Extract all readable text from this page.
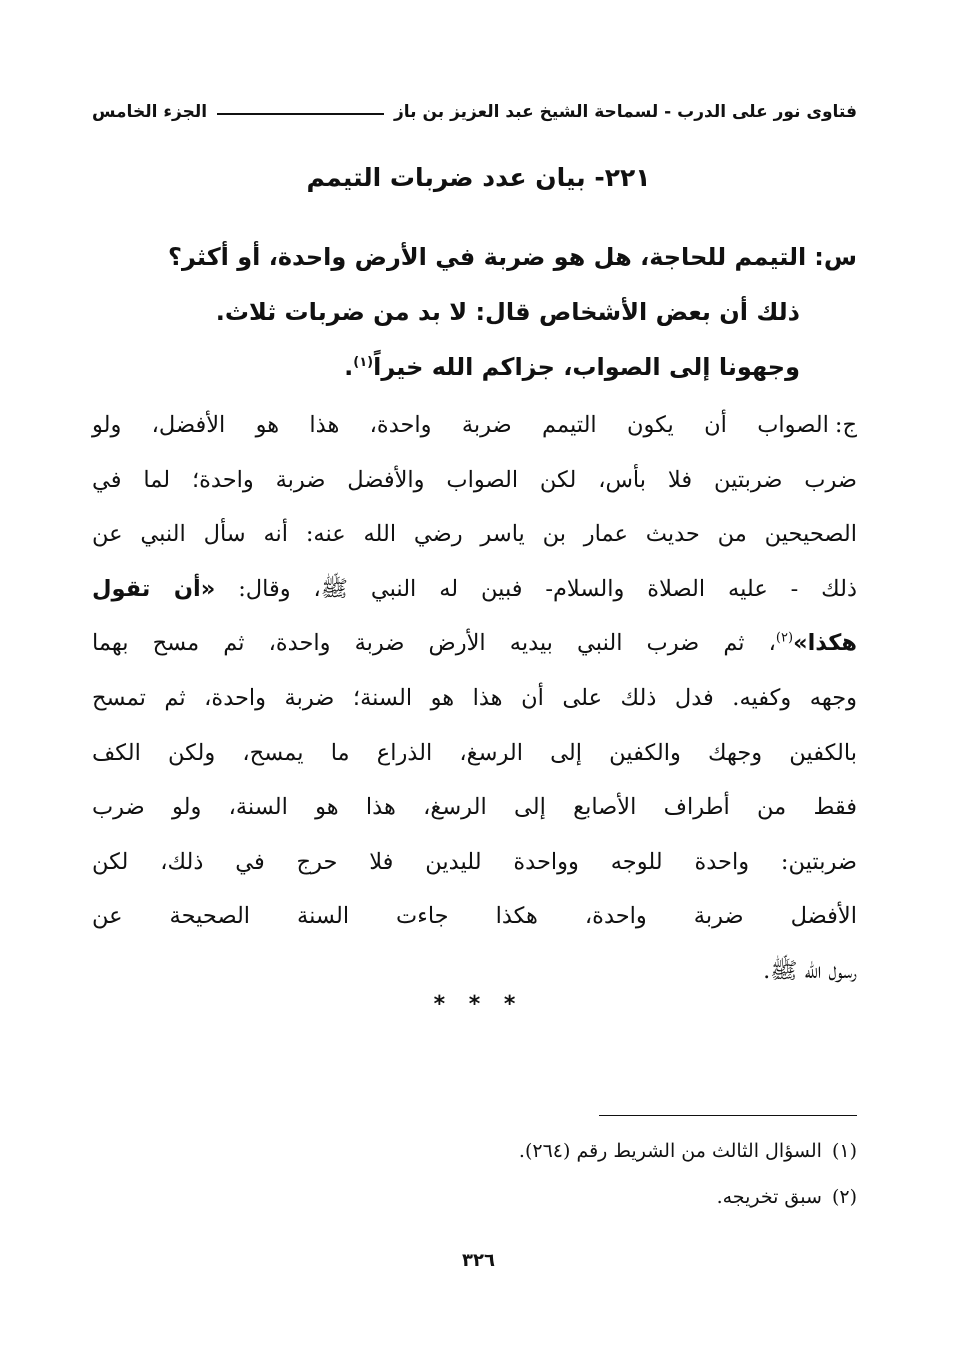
فتاوى نور على الدرب - لسماحة الشيخ عبد العزيز بن باز
الجزء الخامس
٢٢١- بيان عدد ضربات التيمم
س:التيمم للحاجة، هل هو ضربة في الأرض واحدة، أو أكثر؟
ذلك أن بعض الأشخاص قال: لا بد من ضربات ثلاث.
وجهونا إلى الصواب، جزاكم الله خيراً$^{(١)}$.
ج:الصواب أن يكون التيمم ضربة واحدة، هذا هو الأفضل، ولو
ضرب ضربتين فلا بأس، لكن الصواب والأفضل ضربة واحدة؛ لما في
الصحيحين من حديث عمار بن ياسر رضي الله عنه: أنه سأل النبي عن
ذلك - عليه الصلاة والسلام- فبين له النبي ﷺ، وقال: «أن تقول
هكذا»$^{(٢)}$، ثم ضرب النبي بيديه الأرض ضربة واحدة، ثم مسح بهما
وجهه وكفيه. فدل ذلك على أن هذا هو السنة؛ ضربة واحدة، ثم تمسح
بالكفين وجهك والكفين إلى الرسغ، الذراع ما يمسح، ولكن الكف
فقط من أطراف الأصابع إلى الرسغ، هذا هو السنة، ولو ضرب
ضربتين: واحدة للوجه وواحدة لليدين فلا حرج في ذلك، لكن
الأفضل ضربة واحدة، هكذا جاءت السنة الصحيحة عن
رسول الله ﷺ.
* * *
(١)السؤال الثالث من الشريط رقم (٢٦٤).
(٢)سبق تخريجه.
٣٢٦
